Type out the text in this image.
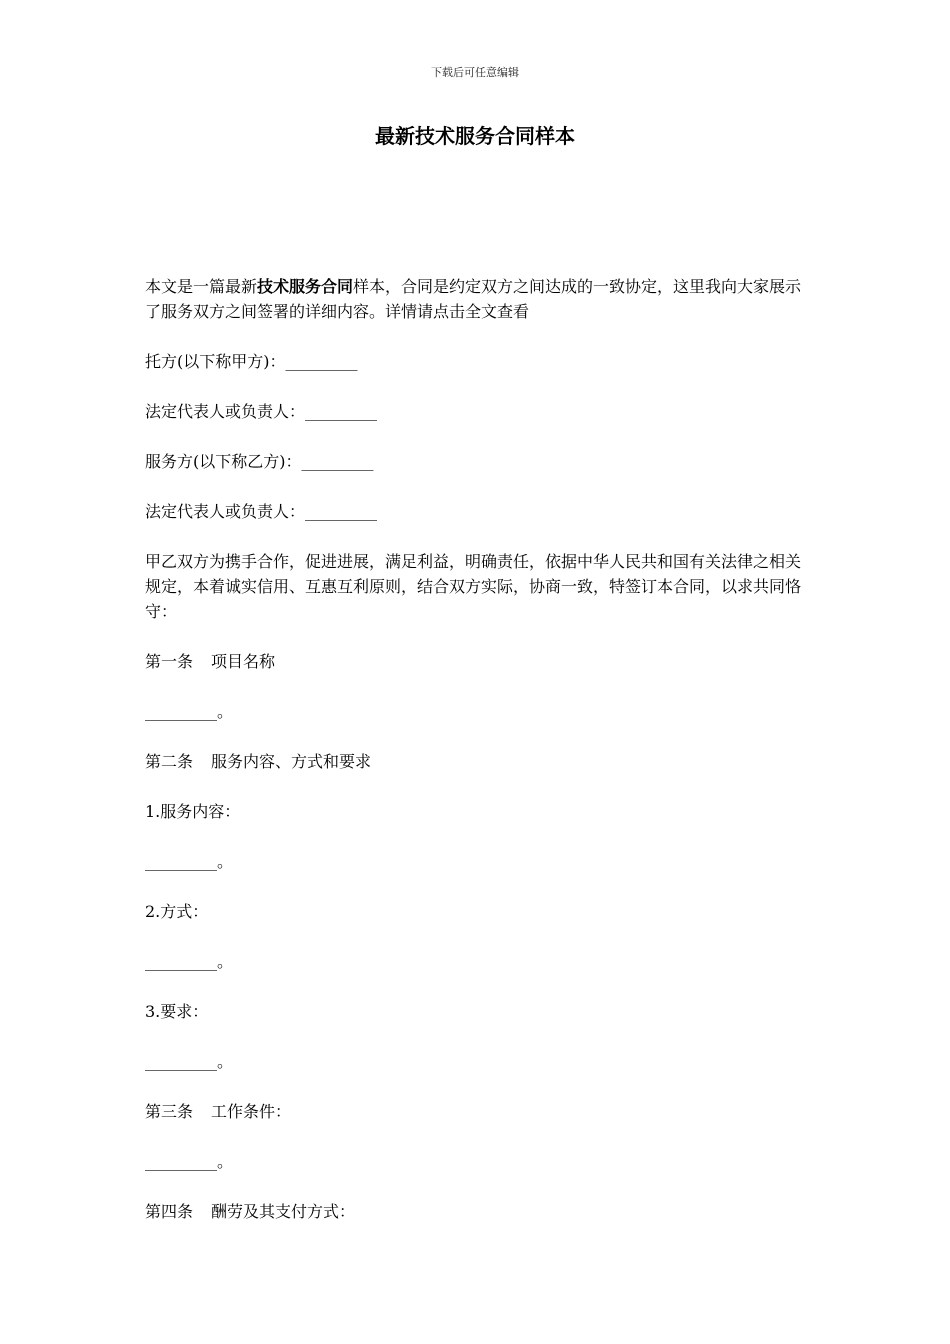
下载后可任意编辑
最新技术服务合同样本

本文是一篇最新技术服务合同样本，合同是约定双方之间达成的一致协定，这里我向大家展示了服务双方之间签署的详细内容。详情请点击全文查看

托方(以下称甲方)：_________

法定代表人或负责人：_________

服务方(以下称乙方)：_________

法定代表人或负责人：_________

甲乙双方为携手合作，促进进展，满足利益，明确责任，依据中华人民共和国有关法律之相关规定，本着诚实信用、互惠互利原则，结合双方实际，协商一致，特签订本合同，以求共同恪守：

第一条 项目名称

_________。

第二条 服务内容、方式和要求

1.服务内容：

_________。

2.方式：

_________。

3.要求：

_________。

第三条 工作条件：

_________。

第四条 酬劳及其支付方式：
